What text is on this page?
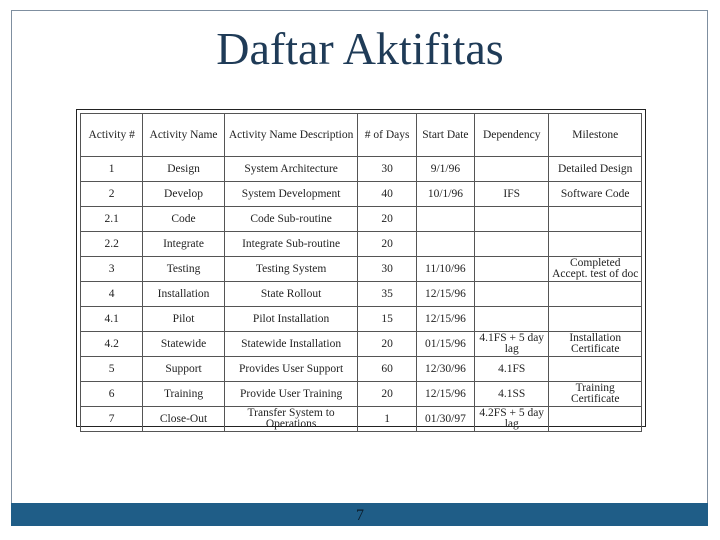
Daftar Aktifitas
Activity #	Activity Name	Activity Name Description	# of Days	Start Date	Dependency	Milestone
1	Design	System Architecture	30	9/1/96		Detailed Design
2	Develop	System Development	40	10/1/96	IFS	Software Code
2.1	Code	Code Sub-routine	20			
2.2	Integrate	Integrate Sub-routine	20			
3	Testing	Testing System	30	11/10/96		Completed Accept. test of doc
4	Installation	State Rollout	35	12/15/96		
4.1	Pilot	Pilot Installation	15	12/15/96		
4.2	Statewide	Statewide Installation	20	01/15/96	4.1FS + 5 day lag	Installation Certificate
5	Support	Provides User Support	60	12/30/96	4.1FS	
6	Training	Provide User Training	20	12/15/96	4.1SS	Training Certificate
7	Close-Out	Transfer System to Operations	1	01/30/97	4.2FS + 5 day lag	
7
